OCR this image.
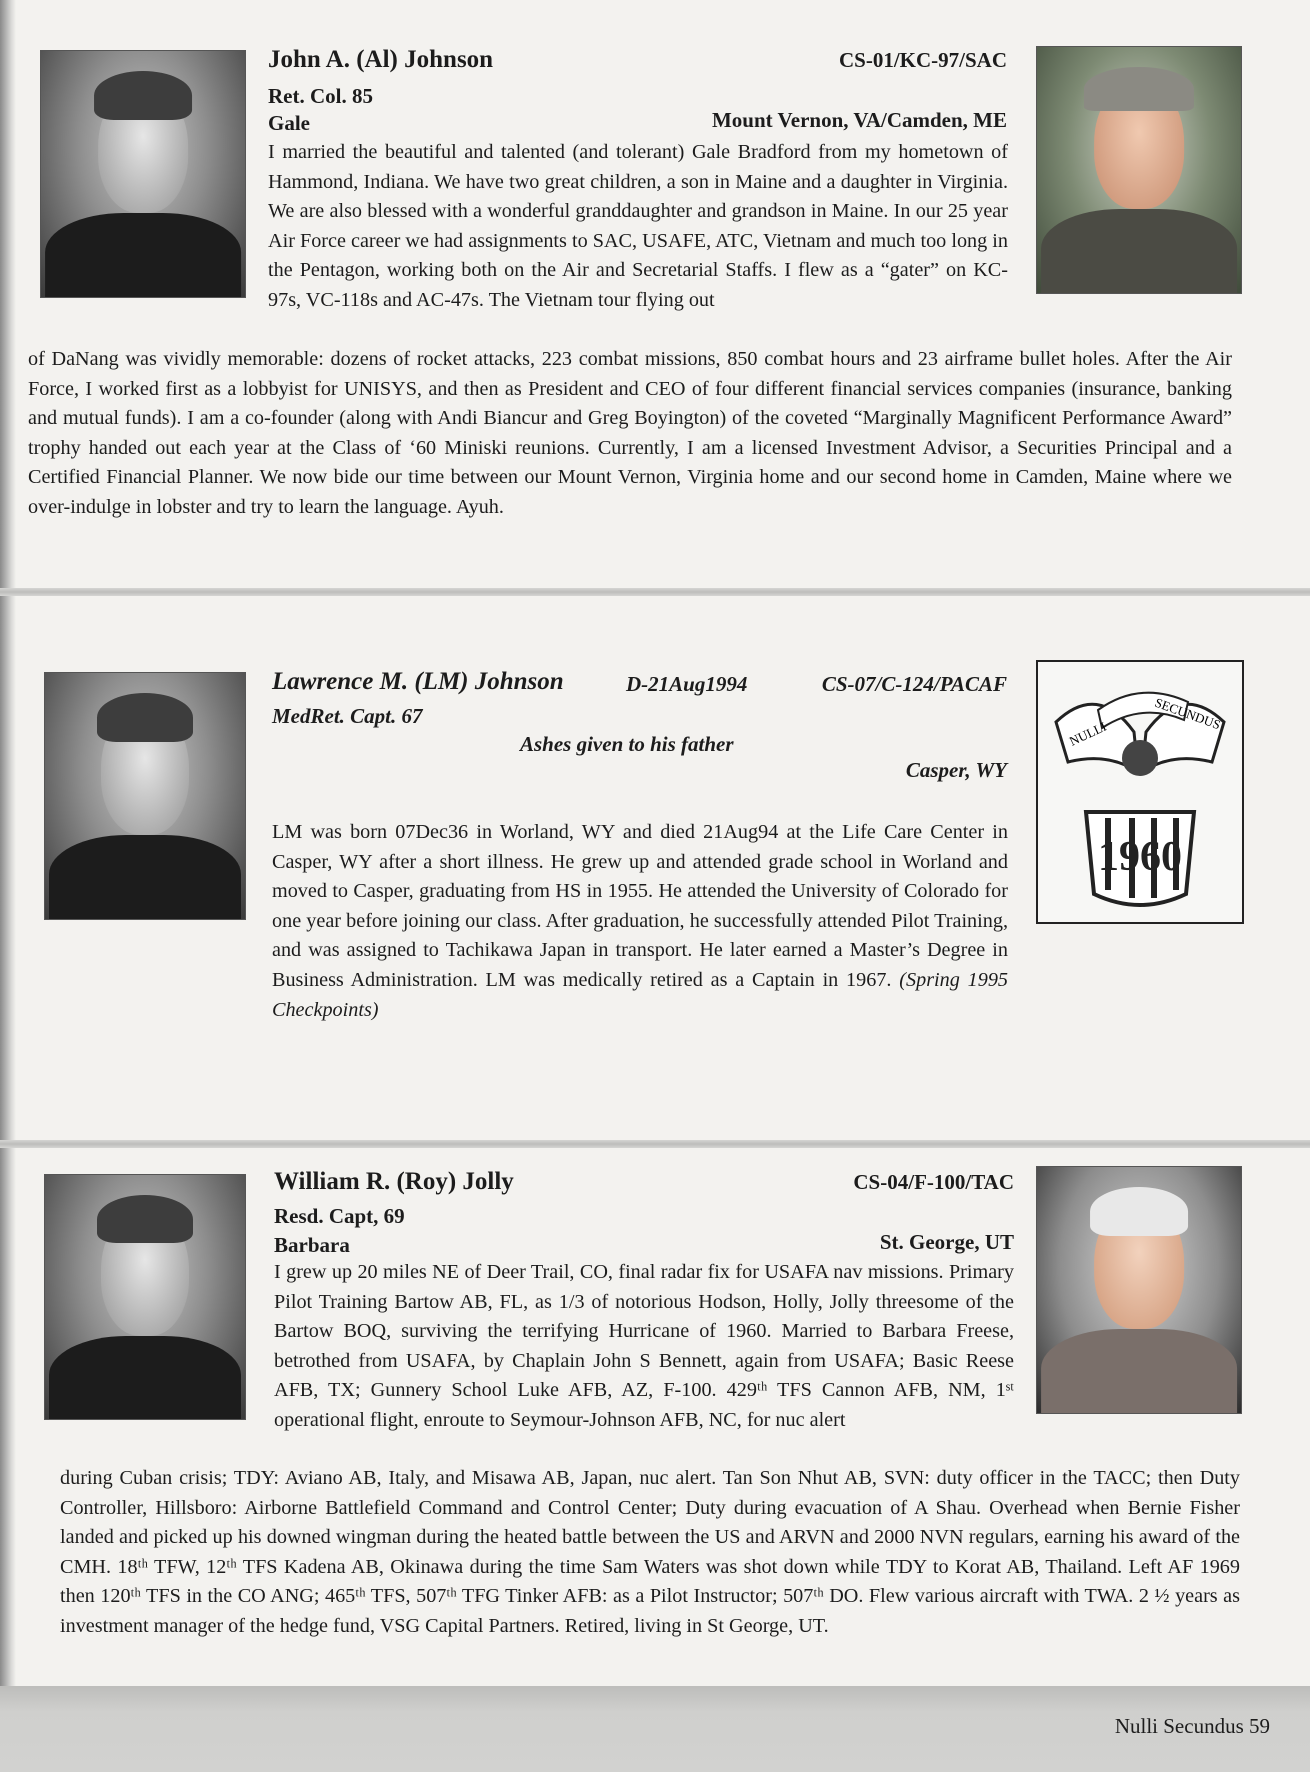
John A. (Al) Johnson	CS-01/KC-97/SAC
Ret. Col. 85
Gale	Mount Vernon, VA/Camden, ME
I married the beautiful and talented (and tolerant) Gale Bradford from my hometown of Hammond, Indiana. We have two great children, a son in Maine and a daughter in Virginia. We are also blessed with a wonderful granddaughter and grandson in Maine. In our 25 year Air Force career we had assignments to SAC, USAFE, ATC, Vietnam and much too long in the Pentagon, working both on the Air and Secretarial Staffs. I flew as a “gater” on KC-97s, VC-118s and AC-47s. The Vietnam tour flying out
of DaNang was vividly memorable: dozens of rocket attacks, 223 combat missions, 850 combat hours and 23 airframe bullet holes. After the Air Force, I worked first as a lobbyist for UNISYS, and then as President and CEO of four different financial services companies (insurance, banking and mutual funds). I am a co-founder (along with Andi Biancur and Greg Boyington) of the coveted “Marginally Magnificent Performance Award” trophy handed out each year at the Class of ‘60 Miniski reunions. Currently, I am a licensed Investment Advisor, a Securities Principal and a Certified Financial Planner. We now bide our time between our Mount Vernon, Virginia home and our second home in Camden, Maine where we over-indulge in lobster and try to learn the language. Ayuh.
NULLI
SECUNDUS
1960
Lawrence M. (LM) Johnson	D-21Aug1994	CS-07/C-124/PACAF
MedRet. Capt. 67
Ashes given to his father
Casper, WY
LM was born 07Dec36 in Worland, WY and died 21Aug94 at the Life Care Center in Casper, WY after a short illness. He grew up and attended grade school in Worland and moved to Casper, graduating from HS in 1955. He attended the University of Colorado for one year before joining our class. After graduation, he successfully attended Pilot Training, and was assigned to Tachikawa Japan in transport. He later earned a Master’s Degree in Business Administration. LM was medically retired as a Captain in 1967. (Spring 1995 Checkpoints)
William R. (Roy) Jolly	CS-04/F-100/TAC
Resd. Capt, 69
Barbara	St. George, UT
I grew up 20 miles NE of Deer Trail, CO, final radar fix for USAFA nav missions. Primary Pilot Training Bartow AB, FL, as 1/3 of notorious Hodson, Holly, Jolly threesome of the Bartow BOQ, surviving the terrifying Hurricane of 1960. Married to Barbara Freese, betrothed from USAFA, by Chaplain John S Bennett, again from USAFA; Basic Reese AFB, TX; Gunnery School Luke AFB, AZ, F-100. 429ᵗʰ TFS Cannon AFB, NM, 1ˢᵗ operational flight, enroute to Seymour-Johnson AFB, NC, for nuc alert
during Cuban crisis; TDY: Aviano AB, Italy, and Misawa AB, Japan, nuc alert. Tan Son Nhut AB, SVN: duty officer in the TACC; then Duty Controller, Hillsboro: Airborne Battlefield Command and Control Center; Duty during evacuation of A Shau. Overhead when Bernie Fisher landed and picked up his downed wingman during the heated battle between the US and ARVN and 2000 NVN regulars, earning his award of the CMH. 18ᵗʰ TFW, 12ᵗʰ TFS Kadena AB, Okinawa during the time Sam Waters was shot down while TDY to Korat AB, Thailand. Left AF 1969 then 120ᵗʰ TFS in the CO ANG; 465ᵗʰ TFS, 507ᵗʰ TFG Tinker AFB: as a Pilot Instructor; 507ᵗʰ DO. Flew various aircraft with TWA. 2 ½ years as investment manager of the hedge fund, VSG Capital Partners. Retired, living in St George, UT.
Nulli Secundus 59
